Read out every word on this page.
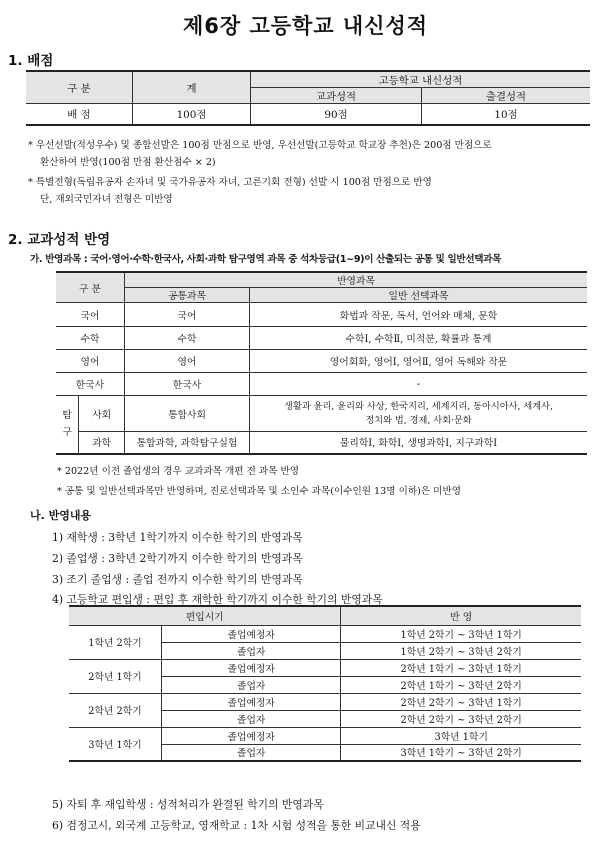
제6장 고등학교 내신성적
1. 배점
구 분	계	고등학교 내신성적	
		교과성적	출결성적
배 점	100점	90점	10점
* 우선선발(적성우수) 및 종합선발은 100점 만점으로 반영, 우선선발(고등학교 학교장 추천)은 200점 만점으로
환산하여 반영(100점 만점 환산점수 × 2)
* 특별전형(독립유공자 손자녀 및 국가유공자 자녀, 고른기회 전형) 선발 시 100점 만점으로 반영
단, 재외국민자녀 전형은 미반영
2. 교과성적 반영
가. 반영과목 : 국어·영어·수학·한국사, 사회·과학 탐구영역 과목 중 석차등급(1~9)이 산출되는 공통 및 일반선택과목
구 분		반영과목	
		공통과목	일반 선택과목
국어		국어	화법과 작문, 독서, 언어와 매체, 문학
수학		수학	수학Ⅰ, 수학Ⅱ, 미적분, 확률과 통계
영어		영어	영어회화, 영어Ⅰ, 영어Ⅱ, 영어 독해와 작문
한국사		한국사	-
탐
구	사회	통합사회	생활과 윤리, 윤리와 사상, 한국지리, 세계지리, 동아시아사, 세계사,
정치와 법, 경제, 사회·문화
	과학	통합과학, 과학탐구실험	물리학Ⅰ, 화학Ⅰ, 생명과학Ⅰ, 지구과학Ⅰ
* 2022년 이전 졸업생의 경우 교과과목 개편 전 과목 반영
* 공통 및 일반선택과목만 반영하며, 진로선택과목 및 소인수 과목(이수인원 13명 이하)은 미반영
나. 반영내용
1) 재학생 : 3학년 1학기까지 이수한 학기의 반영과목
2) 졸업생 : 3학년 2학기까지 이수한 학기의 반영과목
3) 조기 졸업생 : 졸업 전까지 이수한 학기의 반영과목
4) 고등학교 편입생 : 편입 후 재학한 학기까지 이수한 학기의 반영과목
편입시기		반 영
1학년 2학기	졸업예정자	1학년 2학기 ~ 3학년 1학기
	졸업자	1학년 2학기 ~ 3학년 2학기
2학년 1학기	졸업예정자	2학년 1학기 ~ 3학년 1학기
	졸업자	2학년 1학기 ~ 3학년 2학기
2학년 2학기	졸업예정자	2학년 2학기 ~ 3학년 1학기
	졸업자	2학년 2학기 ~ 3학년 2학기
3학년 1학기	졸업예정자	3학년 1학기
	졸업자	3학년 1학기 ~ 3학년 2학기
5) 자퇴 후 재입학생 : 성적처리가 완결된 학기의 반영과목
6) 검정고시, 외국계 고등학교, 영재학교 : 1차 시험 성적을 통한 비교내신 적용
